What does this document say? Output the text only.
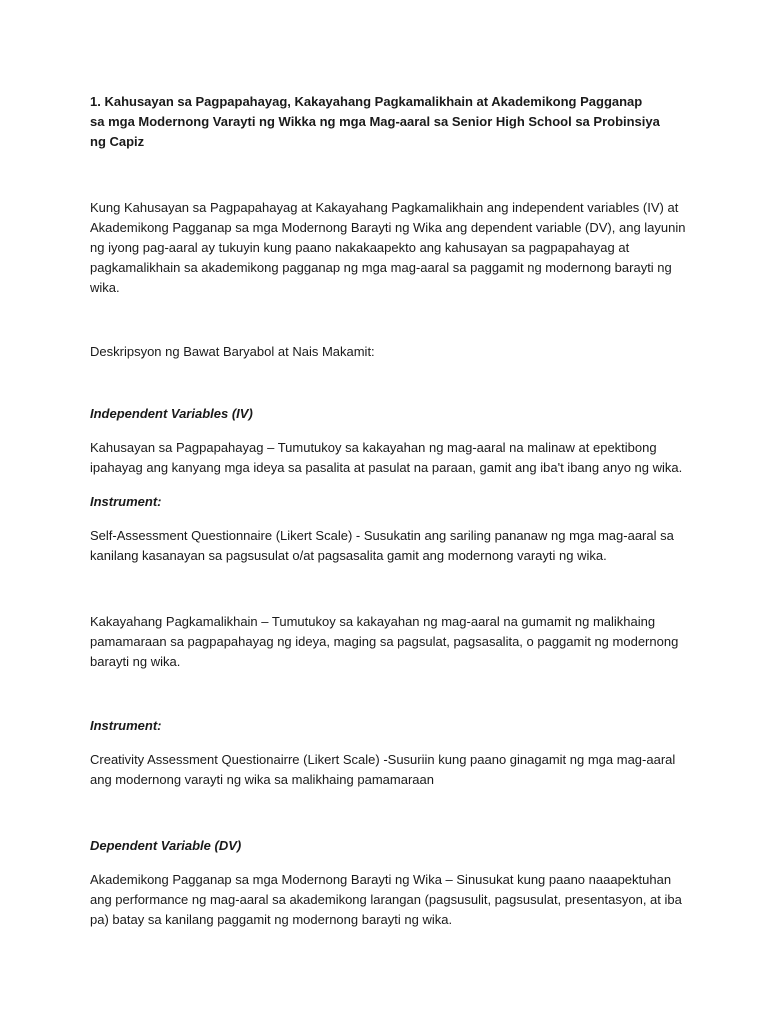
1. Kahusayan sa Pagpapahayag, Kakayahang Pagkamalikhain at Akademikong Pagganap sa mga Modernong Varayti ng Wikka ng mga Mag-aaral sa Senior High School sa Probinsiya ng Capiz

Kung Kahusayan sa Pagpapahayag at Kakayahang Pagkamalikhain ang independent variables (IV) at Akademikong Pagganap sa mga Modernong Barayti ng Wika ang dependent variable (DV), ang layunin ng iyong pag-aaral ay tukuyin kung paano nakakaapekto ang kahusayan sa pagpapahayag at pagkamalikhain sa akademikong pagganap ng mga mag-aaral sa paggamit ng modernong barayti ng wika.

Deskripsyon ng Bawat Baryabol at Nais Makamit:

Independent Variables (IV)

Kahusayan sa Pagpapahayag – Tumutukoy sa kakayahan ng mag-aaral na malinaw at epektibong ipahayag ang kanyang mga ideya sa pasalita at pasulat na paraan, gamit ang iba't ibang anyo ng wika.

Instrument:

Self-Assessment Questionnaire (Likert Scale) - Susukatin ang sariling pananaw ng mga mag-aaral sa kanilang kasanayan sa pagsusulat o/at pagsasalita gamit ang modernong varayti ng wika.

Kakayahang Pagkamalikhain – Tumutukoy sa kakayahan ng mag-aaral na gumamit ng malikhaing pamamaraan sa pagpapahayag ng ideya, maging sa pagsulat, pagsasalita, o paggamit ng modernong barayti ng wika.

Instrument:

Creativity Assessment Questionairre (Likert Scale) -Susuriin kung paano ginagamit ng mga mag-aaral ang modernong varayti ng wika sa malikhaing pamamaraan

Dependent Variable (DV)

Akademikong Pagganap sa mga Modernong Barayti ng Wika – Sinusukat kung paano naaapektuhan ang performance ng mag-aaral sa akademikong larangan (pagsusulit, pagsusulat, presentasyon, at iba pa) batay sa kanilang paggamit ng modernong barayti ng wika.
